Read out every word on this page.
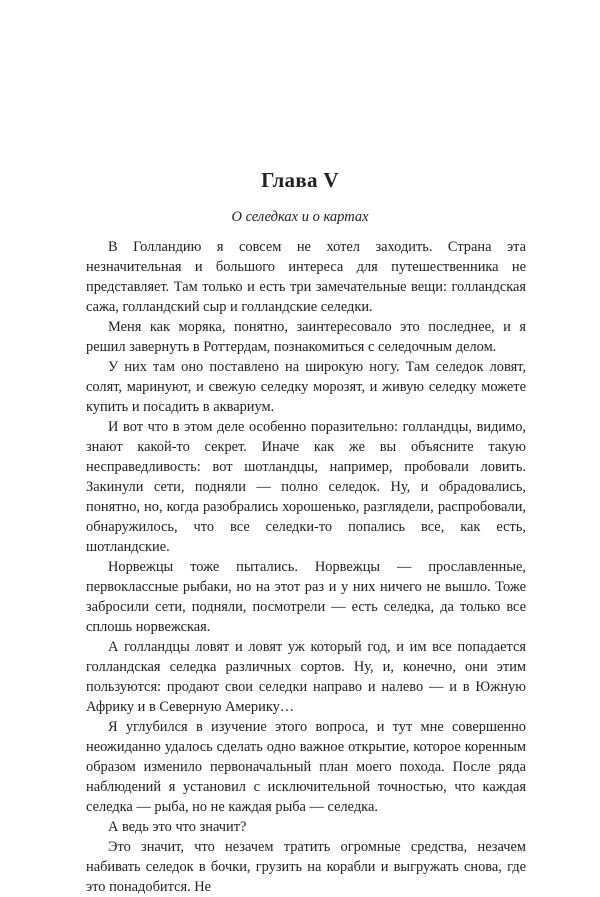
Глава V
О селедках и о картах

В Голландию я совсем не хотел заходить. Страна эта незначительная и большого интереса для путешественника не представляет. Там только и есть три замечательные вещи: голландская сажа, голландский сыр и голландские селедки.

Меня как моряка, понятно, заинтересовало это последнее, и я решил завернуть в Роттердам, познакомиться с селедочным делом.

У них там оно поставлено на широкую ногу. Там селедок ловят, солят, маринуют, и свежую селедку морозят, и живую селедку можете купить и посадить в аквариум.

И вот что в этом деле особенно поразительно: голландцы, видимо, знают какой-то секрет. Иначе как же вы объясните такую несправедливость: вот шотландцы, например, пробовали ловить. Закинули сети, подняли — полно селедок. Ну, и обрадовались, понятно, но, когда разобрались хорошенько, разглядели, распробовали, обнаружилось, что все селедки-то попались все, как есть, шотландские.

Норвежцы тоже пытались. Норвежцы — прославленные, первоклассные рыбаки, но на этот раз и у них ничего не вышло. Тоже забросили сети, подняли, посмотрели — есть селедка, да только все сплошь норвежская.

А голландцы ловят и ловят уж который год, и им все попадается голландская селедка различных сортов. Ну, и, конечно, они этим пользуются: продают свои селедки направо и налево — и в Южную Африку и в Северную Америку…

Я углубился в изучение этого вопроса, и тут мне совершенно неожиданно удалось сделать одно важное открытие, которое коренным образом изменило первоначальный план моего похода. После ряда наблюдений я установил с исключительной точностью, что каждая селедка — рыба, но не каждая рыба — селедка.

А ведь это что значит?

Это значит, что незачем тратить огромные средства, незачем набивать селедок в бочки, грузить на корабли и выгружать снова, где это понадобится. Не
